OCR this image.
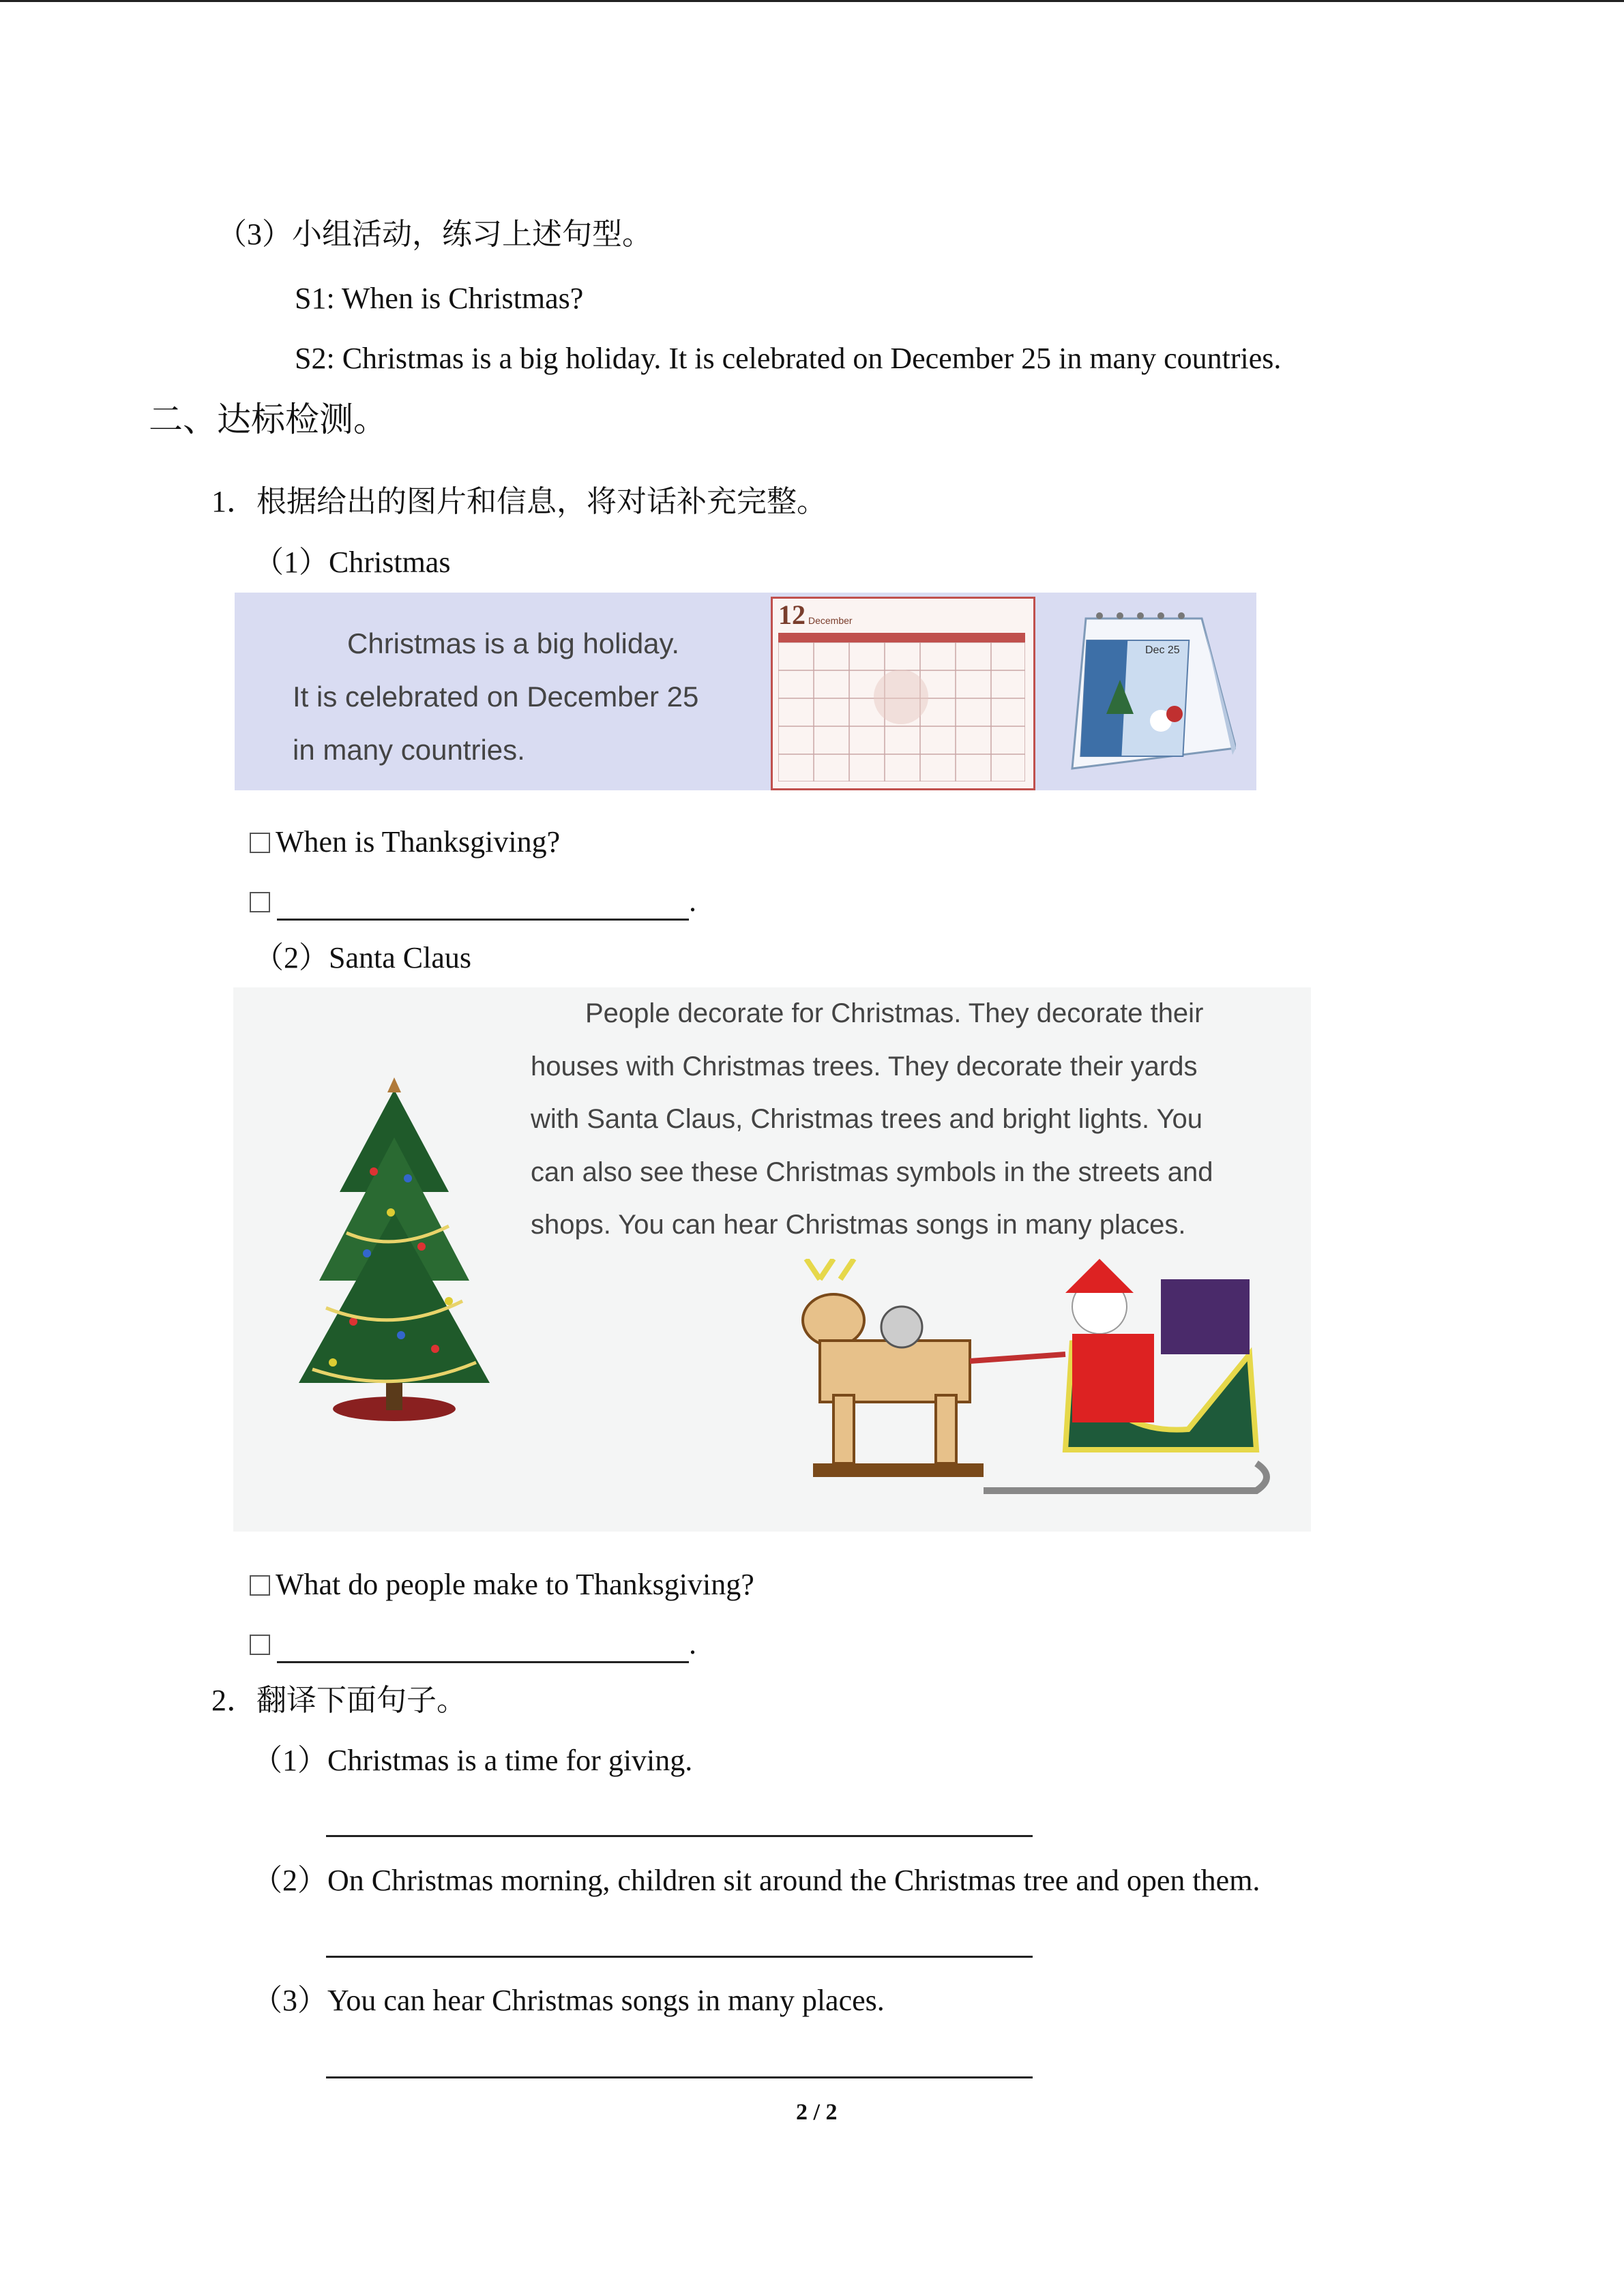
（3）小组活动，练习上述句型。
S1: When is Christmas?
S2: Christmas is a big holiday. It is celebrated on December 25 in many countries.
二、达标检测。
1．根据给出的图片和信息，将对话补充完整。
（1）Christmas
Christmas is a big holiday.
It is celebrated on December 25
in many countries.
12 December
Dec 25
When is Thanksgiving?
.
（2）Santa Claus
People decorate for Christmas. They decorate their
houses with Christmas trees. They decorate their yards
with Santa Claus, Christmas trees and bright lights. You
can also see these Christmas symbols in the streets and
shops. You can hear Christmas songs in many places.
What do people make to Thanksgiving?
.
2．翻译下面句子。
（1）Christmas is a time for giving.
（2）On Christmas morning, children sit around the Christmas tree and open them.
（3）You can hear Christmas songs in many places.
2 / 2
